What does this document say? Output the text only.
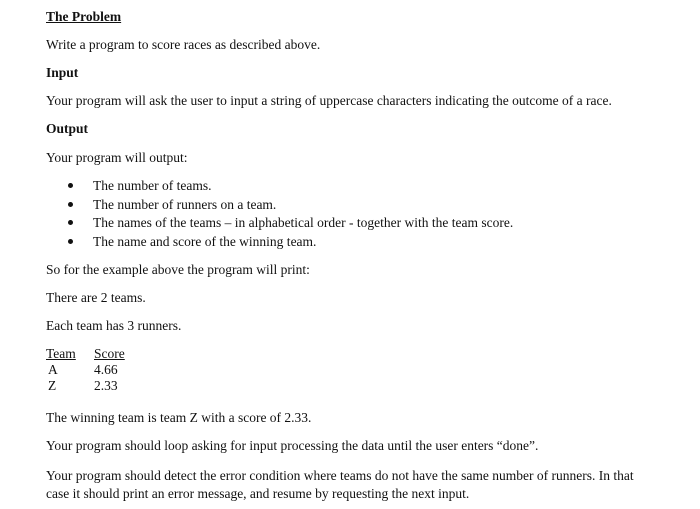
The Problem
Write a program to score races as described above.
Input
Your program will ask the user to input a string of uppercase characters indicating the outcome of a race.
Output
Your program will output:
The number of teams.
The number of runners on a team.
The names of the teams – in alphabetical order - together with the team score.
The name and score of the winning team.
So for the example above the program will print:
There are 2 teams.
Each team has 3 runners.
Team	Score
A	4.66
Z	2.33
The winning team is team Z with a score of 2.33.
Your program should loop asking for input processing the data until the user enters “done”.
Your program should detect the error condition where teams do not have the same number of runners. In that case it should print an error message, and resume by requesting the next input.
